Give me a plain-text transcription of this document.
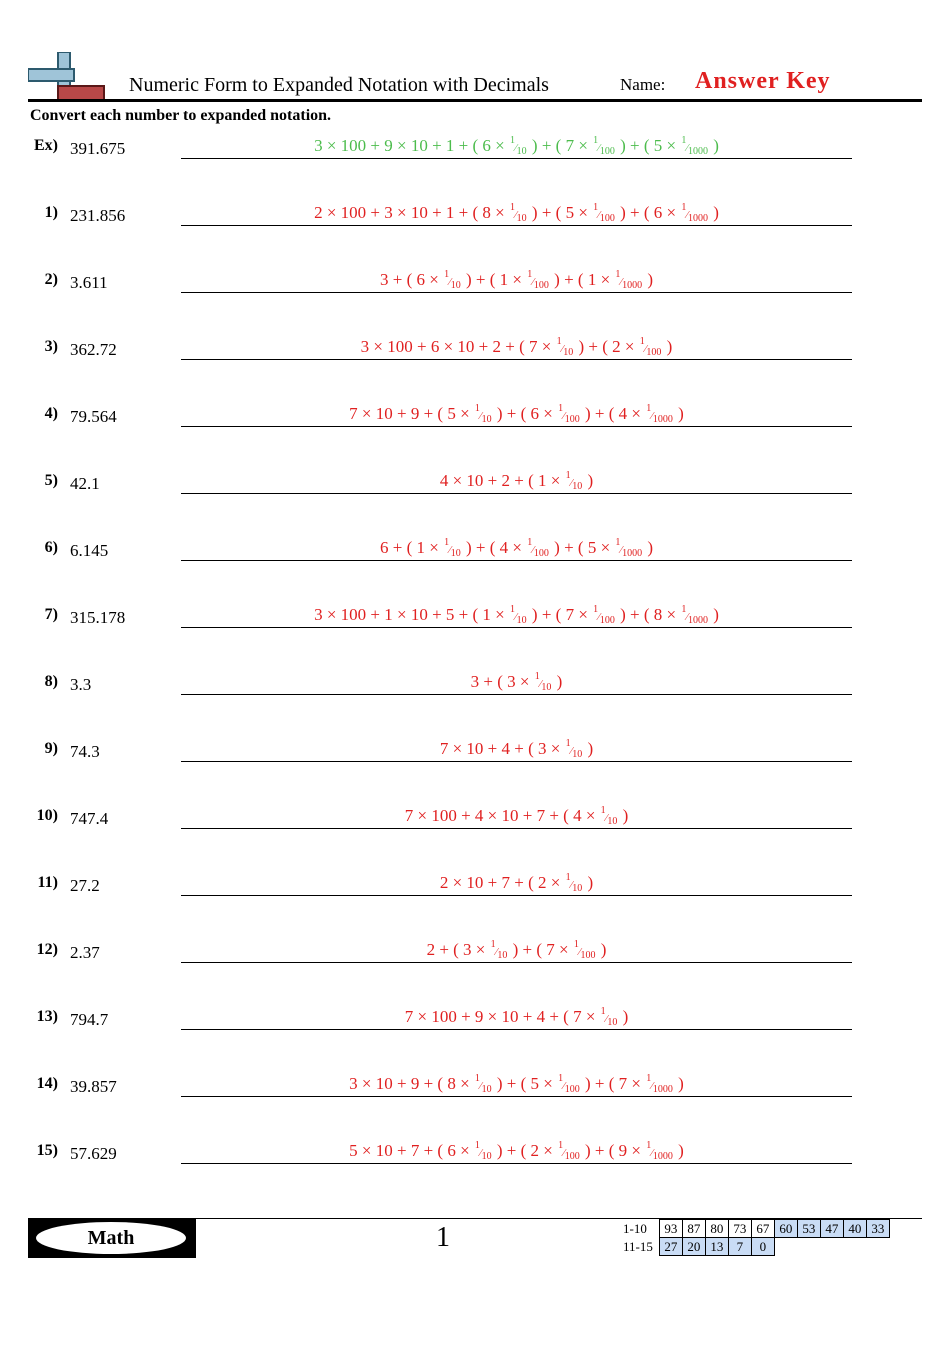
Numeric Form to Expanded Notation with Decimals	Name: Answer Key
Convert each number to expanded notation.
Ex) 391.675	3 × 100 + 9 × 10 + 1 + ( 6 × 1⁄10 ) + ( 7 × 1⁄100 ) + ( 5 × 1⁄1000 )
1) 231.856	2 × 100 + 3 × 10 + 1 + ( 8 × 1⁄10 ) + ( 5 × 1⁄100 ) + ( 6 × 1⁄1000 )
2) 3.611	3 + ( 6 × 1⁄10 ) + ( 1 × 1⁄100 ) + ( 1 × 1⁄1000 )
3) 362.72	3 × 100 + 6 × 10 + 2 + ( 7 × 1⁄10 ) + ( 2 × 1⁄100 )
4) 79.564	7 × 10 + 9 + ( 5 × 1⁄10 ) + ( 6 × 1⁄100 ) + ( 4 × 1⁄1000 )
5) 42.1	4 × 10 + 2 + ( 1 × 1⁄10 )
6) 6.145	6 + ( 1 × 1⁄10 ) + ( 4 × 1⁄100 ) + ( 5 × 1⁄1000 )
7) 315.178	3 × 100 + 1 × 10 + 5 + ( 1 × 1⁄10 ) + ( 7 × 1⁄100 ) + ( 8 × 1⁄1000 )
8) 3.3	3 + ( 3 × 1⁄10 )
9) 74.3	7 × 10 + 4 + ( 3 × 1⁄10 )
10) 747.4	7 × 100 + 4 × 10 + 7 + ( 4 × 1⁄10 )
11) 27.2	2 × 10 + 7 + ( 2 × 1⁄10 )
12) 2.37	2 + ( 3 × 1⁄10 ) + ( 7 × 1⁄100 )
13) 794.7	7 × 100 + 9 × 10 + 4 + ( 7 × 1⁄10 )
14) 39.857	3 × 10 + 9 + ( 8 × 1⁄10 ) + ( 5 × 1⁄100 ) + ( 7 × 1⁄1000 )
15) 57.629	5 × 10 + 7 + ( 6 × 1⁄10 ) + ( 2 × 1⁄100 ) + ( 9 × 1⁄1000 )
Math	1	1-10	93	87	80	73	67	60	53	47	40	33
11-15	27	20	13	7	0					
